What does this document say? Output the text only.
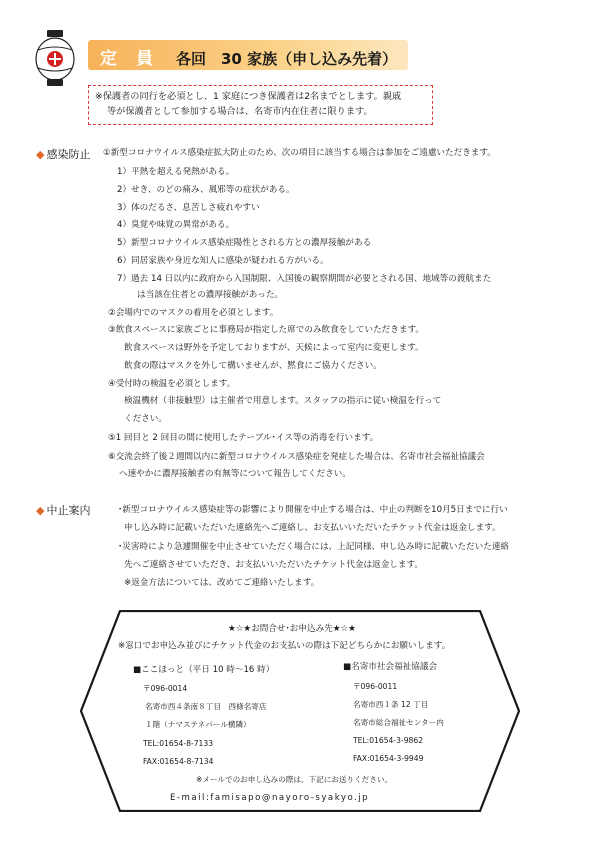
定　員 各回　30 家族（申し込み先着）
※保護者の同行を必須とし、1 家庭につき保護者は2名までとします。親戚
等が保護者として参加する場合は、名寄市内在住者に限ります。
◆ 感染防止 ①新型コロナウイルス感染症拡大防止のため、次の項目に該当する場合は参加をご遠慮いただきます。
1）平熱を超える発熱がある。
2）せき、のどの痛み、風邪等の症状がある。
3）体のだるさ、息苦しさ疲れやすい
4）臭覚や味覚の異常がある。
5）新型コロナウイルス感染症陽性とされる方との濃厚接触がある
6）同居家族や身近な知人に感染が疑われる方がいる。
7）過去 14 日以内に政府から入国制限、入国後の観察期間が必要とされる国、地域等の渡航また
は当該在住者との濃厚接触があった。
②会場内でのマスクの着用を必須とします。
③飲食スペースに家族ごとに事務局が指定した席でのみ飲食をしていただきます。
飲食スペースは野外を予定しておりますが、天候によって室内に変更します。
飲食の際はマスクを外して構いませんが、黙食にご協力ください。
④受付時の検温を必須とします。
検温機材（非接触型）は主催者で用意します。スタッフの指示に従い検温を行って
ください。
⑤1 回目と 2 回目の間に使用したテーブル･イス等の消毒を行います。
⑥交流会終了後２週間以内に新型コロナウイルス感染症を発症した場合は、名寄市社会福祉協議会
へ速やかに濃厚接触者の有無等について報告してください。
◆ 中止案内	･新型コロナウイルス感染症等の影響により開催を中止する場合は、中止の判断を10月5日までに行い
申し込み時に記載いただいた連絡先へご連絡し、お支払いいただいたチケット代金は返金します。
･災害時により急遽開催を中止させていただく場合には、上記同様、申し込み時に記載いただいた連絡
先へご連絡させていただき、お支払いいただいたチケット代金は返金します。
※返金方法については、改めてご連絡いたします。
★☆★お問合せ･お申込み先★☆★
※窓口でお申込み並びにチケット代金のお支払いの際は下記どちらかにお願いします。
■ここほっと（平日 10 時～16 時）
〒096-0014
名寄市西４条南８丁目　西條名寄店
１階（ナマステネパール横隣）
TEL:01654-8-7133
FAX:01654-8-7134
■名寄市社会福祉協議会
〒096-0011
名寄市西１条 12 丁目
名寄市総合福祉センター内
TEL:01654-3-9862
FAX:01654-3-9949
※メールでのお申し込みの際は、下記にお送りください。
E-mail:famisapo@nayoro-syakyo.jp
